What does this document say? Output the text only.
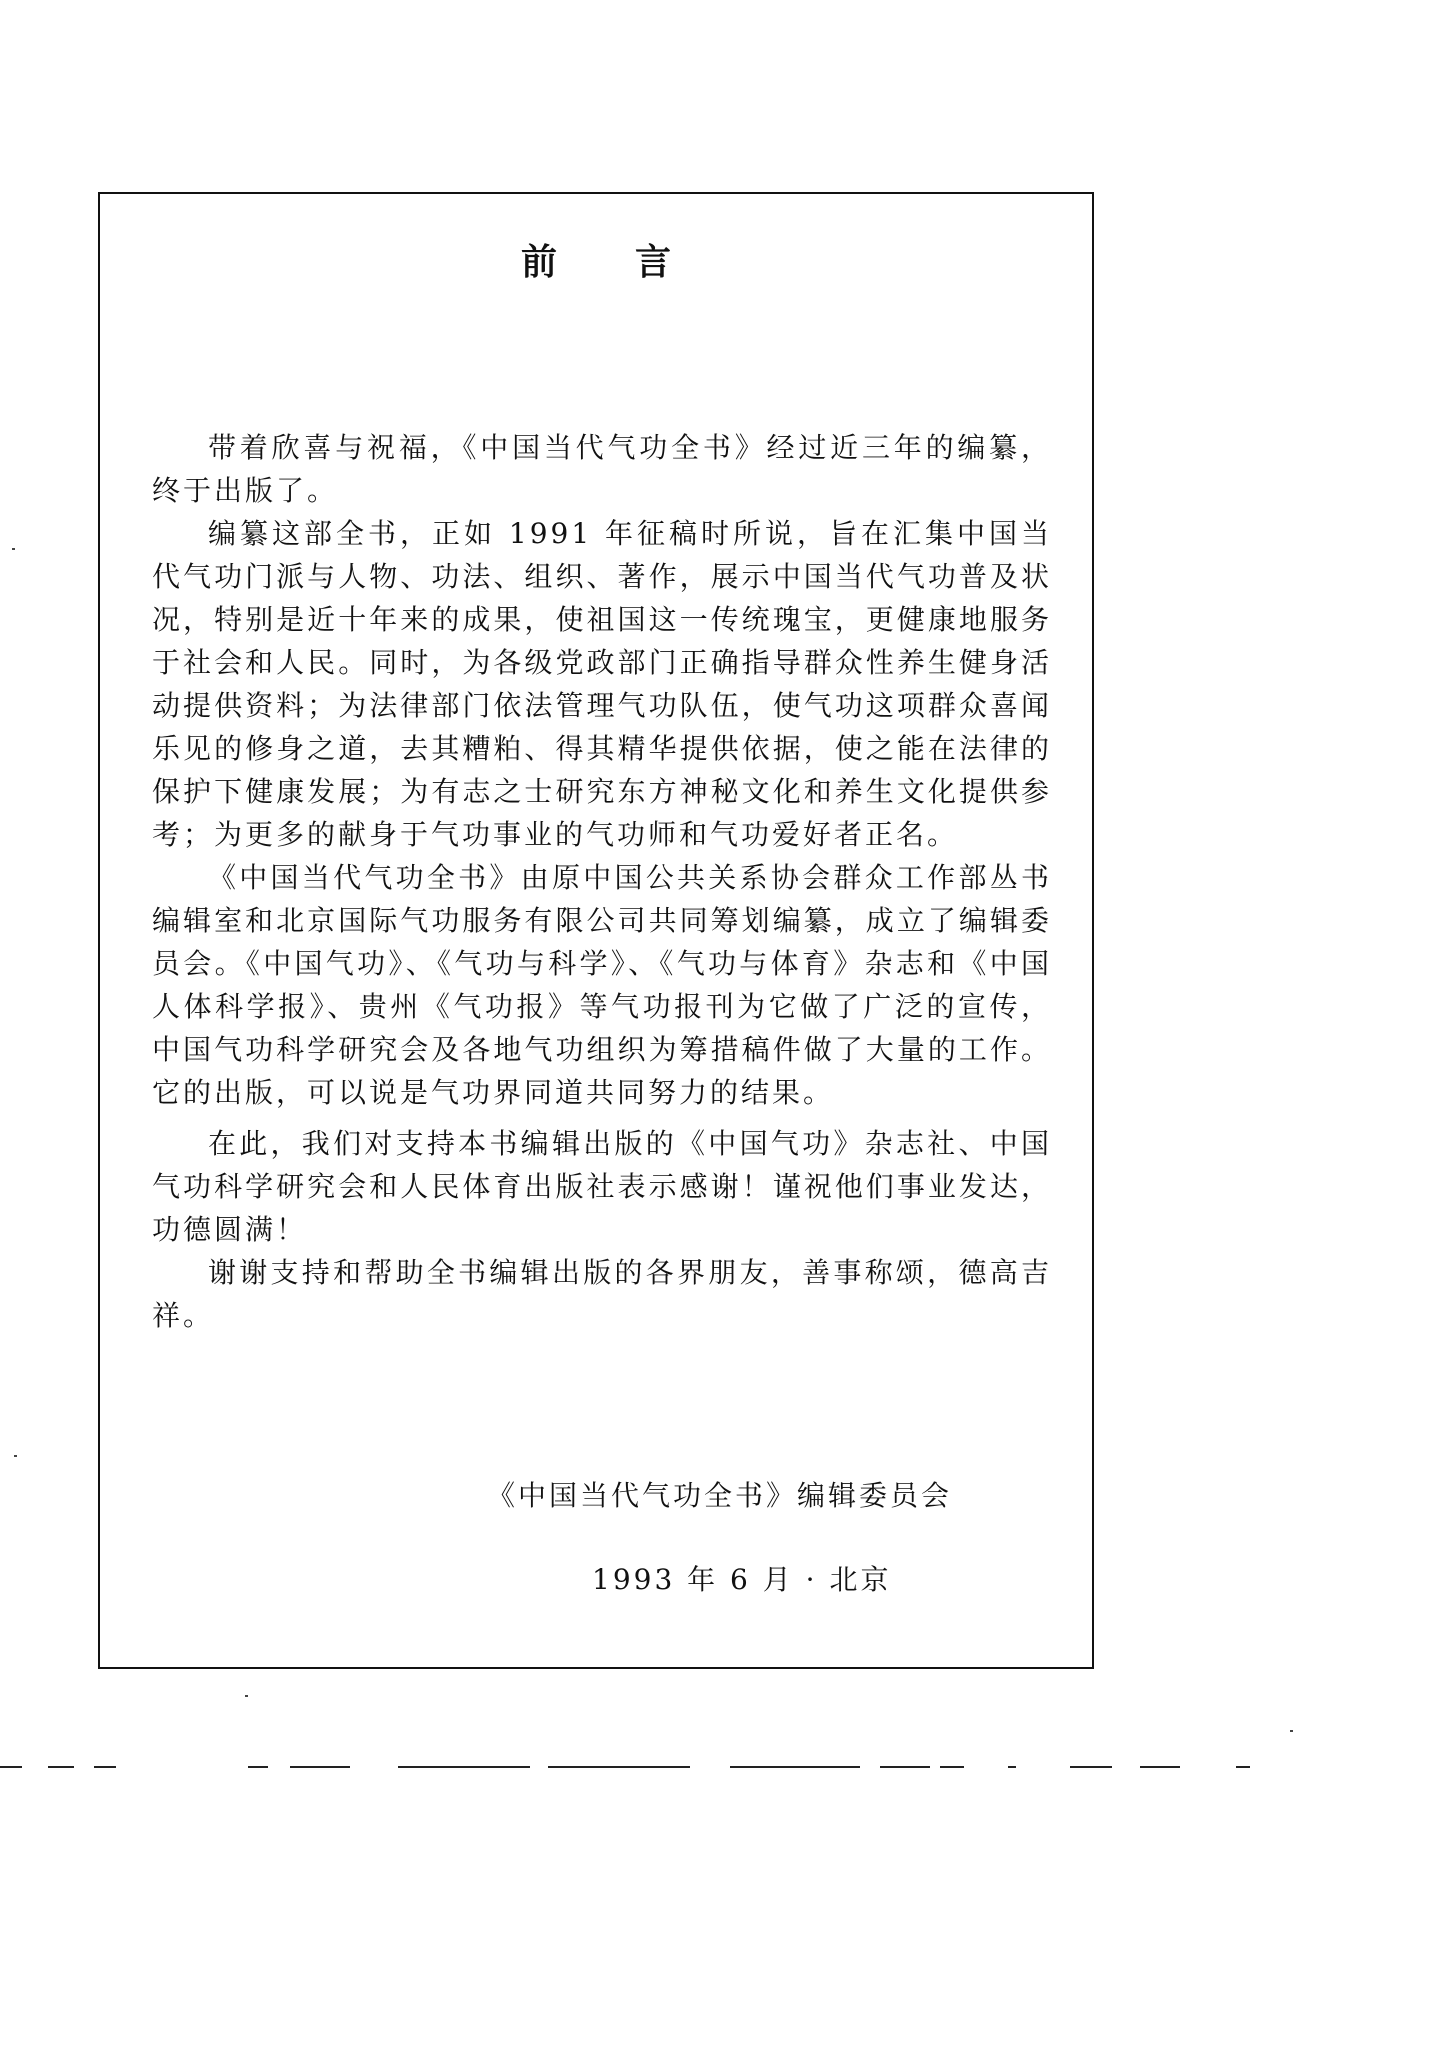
前言

带着欣喜与祝福，《中国当代气功全书》经过近三年的编纂，终于出版了。

编纂这部全书，正如 1991 年征稿时所说，旨在汇集中国当代气功门派与人物、功法、组织、著作，展示中国当代气功普及状况，特别是近十年来的成果，使祖国这一传统瑰宝，更健康地服务于社会和人民。同时，为各级党政部门正确指导群众性养生健身活动提供资料；为法律部门依法管理气功队伍，使气功这项群众喜闻乐见的修身之道，去其糟粕、得其精华提供依据，使之能在法律的保护下健康发展；为有志之士研究东方神秘文化和养生文化提供参考；为更多的献身于气功事业的气功师和气功爱好者正名。

《中国当代气功全书》由原中国公共关系协会群众工作部丛书编辑室和北京国际气功服务有限公司共同筹划编纂，成立了编辑委员会。《中国气功》、《气功与科学》、《气功与体育》杂志和《中国人体科学报》、贵州《气功报》等气功报刊为它做了广泛的宣传，中国气功科学研究会及各地气功组织为筹措稿件做了大量的工作。它的出版，可以说是气功界同道共同努力的结果。

在此，我们对支持本书编辑出版的《中国气功》杂志社、中国气功科学研究会和人民体育出版社表示感谢！谨祝他们事业发达，功德圆满！

谢谢支持和帮助全书编辑出版的各界朋友，善事称颂，德高吉祥。

《中国当代气功全书》编辑委员会
1993 年 6 月 · 北京
